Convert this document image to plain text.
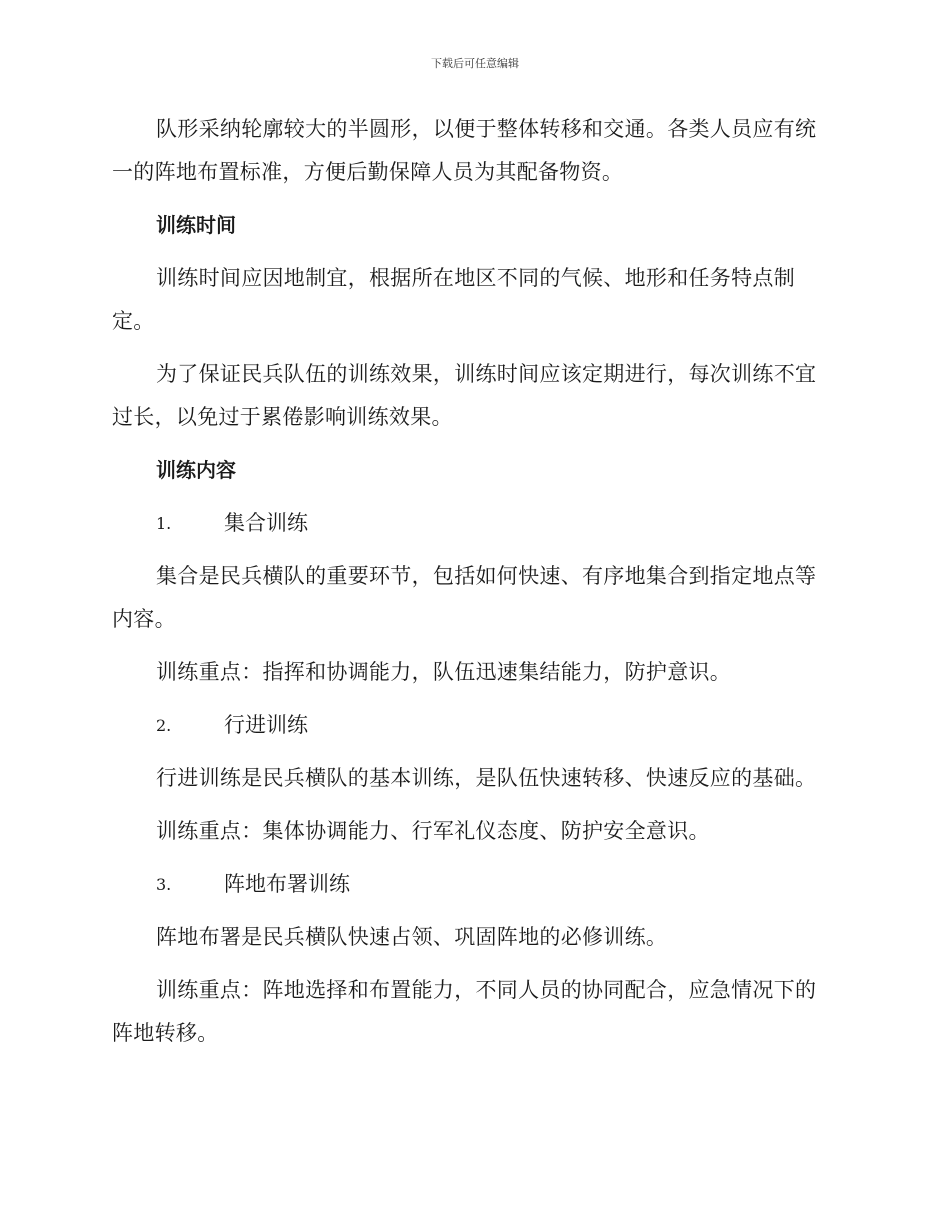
下载后可任意编辑

队形采纳轮廓较大的半圆形，以便于整体转移和交通。各类人员应有统一的阵地布置标准，方便后勤保障人员为其配备物资。

训练时间

训练时间应因地制宜，根据所在地区不同的气候、地形和任务特点制定。

为了保证民兵队伍的训练效果，训练时间应该定期进行，每次训练不宜过长，以免过于累倦影响训练效果。

训练内容
1.	集合训练

集合是民兵横队的重要环节，包括如何快速、有序地集合到指定地点等内容。

训练重点：指挥和协调能力，队伍迅速集结能力，防护意识。

2.	行进训练

行进训练是民兵横队的基本训练，是队伍快速转移、快速反应的基础。

训练重点：集体协调能力、行军礼仪态度、防护安全意识。

3.	阵地布署训练

阵地布署是民兵横队快速占领、巩固阵地的必修训练。

训练重点：阵地选择和布置能力，不同人员的协同配合，应急情况下的阵地转移。
